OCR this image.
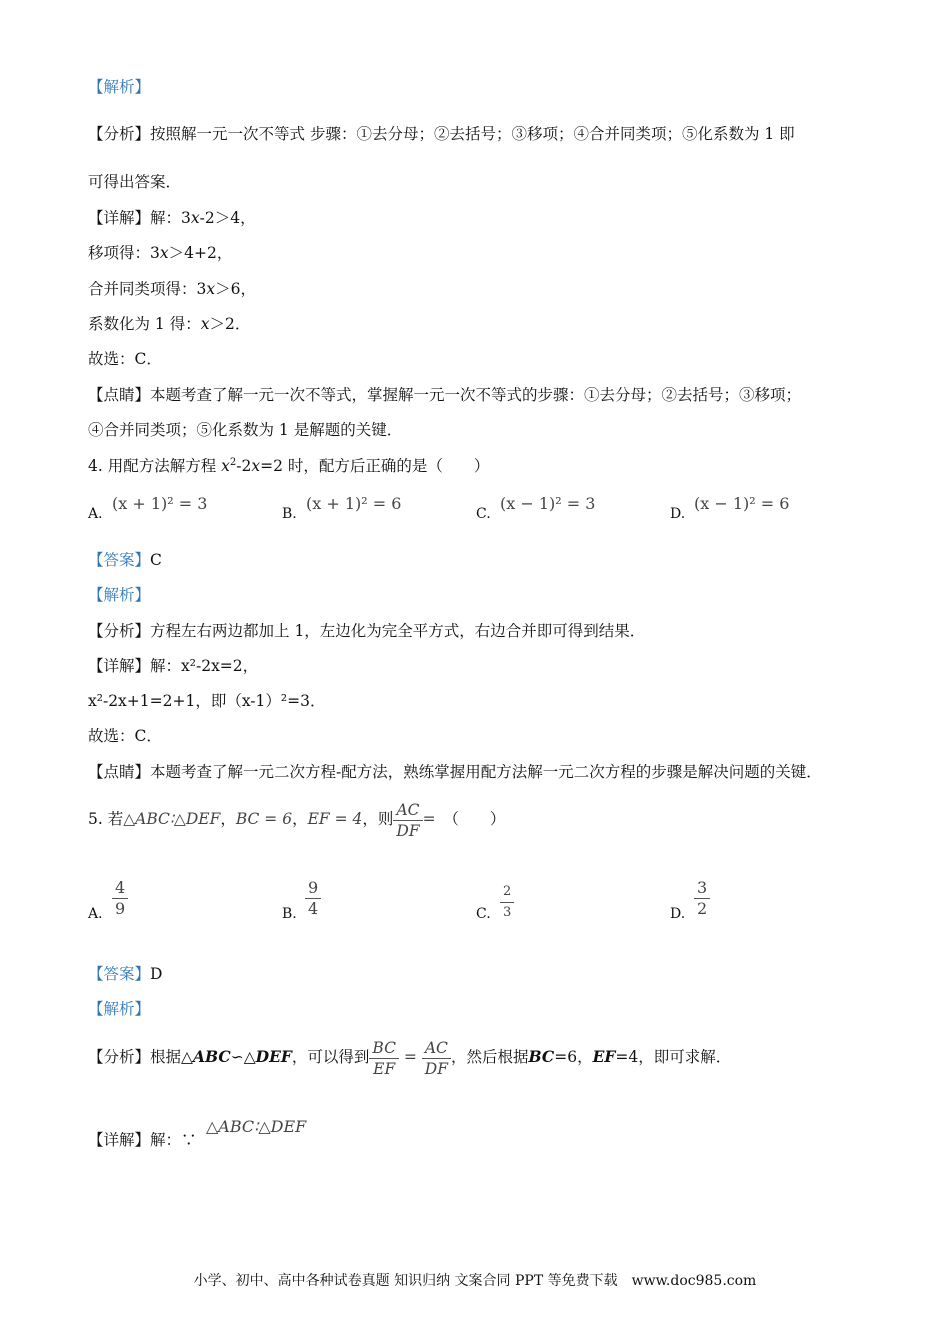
【解析】
【分析】按照解一元一次不等式 步骤：①去分母；②去括号；③移项；④合并同类项；⑤化系数为 1 即
可得出答案．
【详解】解：3x-2＞4，
移项得：3x＞4+2，
合并同类项得：3x＞6，
系数化为 1 得：x＞2．
故选：C．
【点睛】本题考查了解一元一次不等式，掌握解一元一次不等式的步骤：①去分母；②去括号；③移项；
④合并同类项；⑤化系数为 1 是解题的关键．
4. 用配方法解方程 $x^2-2x=2$ 时，配方后正确的是（　　）
A.
(x + 1)² = 3
B.
(x + 1)² = 6
C.
(x − 1)² = 3
D.
(x − 1)² = 6
【答案】C
【解析】
【分析】方程左右两边都加上 1，左边化为完全平方式，右边合并即可得到结果．
【详解】解：x²-2x=2，
x²-2x+1=2+1，即（x-1）²=3．
故选：C．
【点睛】本题考查了解一元二次方程-配方法，熟练掌握用配方法解一元二次方程的步骤是解决问题的关键．
5. 若△ABC∶△DEF，BC = 6，EF = 4，则 $\frac{AC}{DF}$ =　 （　　）
A. $\frac{4}{9}$	B. $\frac{9}{4}$	C. $\frac{2}{3}$	D. $\frac{3}{2}$
【答案】D
【解析】
【分析】根据△ABC∽△DEF，可以得到 $\frac{BC}{EF} = \frac{AC}{DF}$ ，然后根据BC=6，EF=4，即可求解．
【详解】解：∵
△ABC∶△DEF
小学、初中、高中各种试卷真题 知识归纳 文案合同 PPT 等免费下载　www.doc985.com
